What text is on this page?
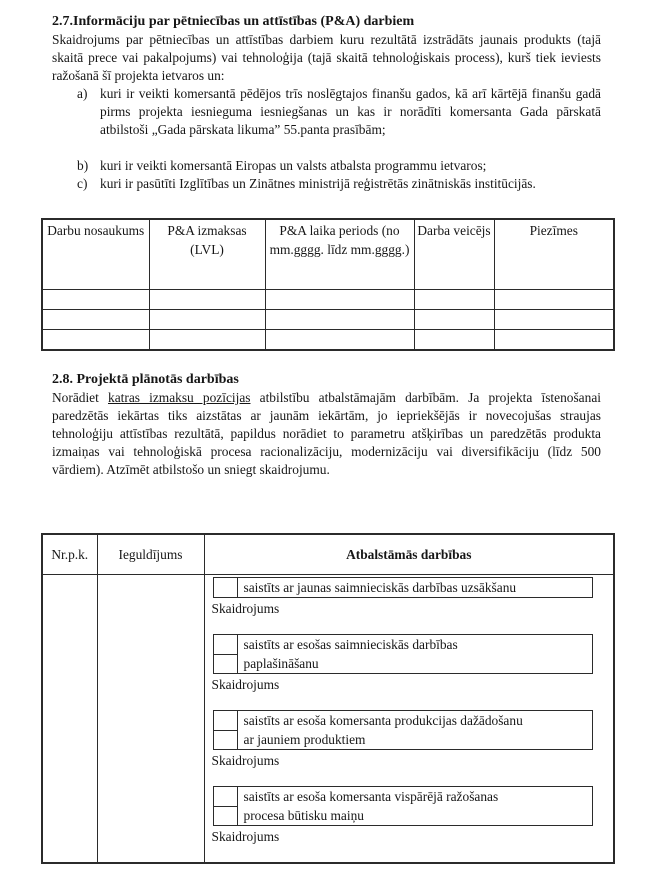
2.7.Informāciju par pētniecības un attīstības (P&A) darbiem
Skaidrojums par pētniecības un attīstības darbiem kuru rezultātā izstrādāts jaunais produkts (tajā skaitā prece vai pakalpojums) vai tehnoloģija (tajā skaitā tehnoloģiskais process), kurš tiek ieviests ražošanā šī projekta ietvaros un:
a) kuri ir veikti komersantā pēdējos trīs noslēgtajos finanšu gados, kā arī kārtējā finanšu gadā pirms projekta iesnieguma iesniegšanas un kas ir norādīti komersanta Gada pārskatā atbilstoši „Gada pārskata likuma” 55.panta prasībām;
b) kuri ir veikti komersantā Eiropas un valsts atbalsta programmu ietvaros;
c) kuri ir pasūtīti Izglītības un Zinātnes ministrijā reģistrētās zinātniskās institūcijās.
Darbu nosaukums	P&A izmaksas (LVL)	P&A laika periods (no mm.gggg. līdz mm.gggg.)	Darba veicējs	Piezīmes

2.8. Projektā plānotās darbības
Norādiet katras izmaksu pozīcijas atbilstību atbalstāmajām darbībām. Ja projekta īstenošanai paredzētās iekārtas tiks aizstātas ar jaunām iekārtām, jo iepriekšējās ir novecojušas straujas tehnoloģiju attīstības rezultātā, papildus norādiet to parametru atšķirības un paredzētās produkta izmaiņas vai tehnoloģiskā procesa racionalizāciju, modernizāciju vai diversifikāciju (līdz 500 vārdiem). Atzīmēt atbilstošo un sniegt skaidrojumu.
Nr.p.k.	Ieguldījums	Atbalstāmās darbības

saistīts ar jaunas saimnieciskās darbības uzsākšanu
Skaidrojums
saistīts ar esošas saimnieciskās darbības
paplašināšanu
Skaidrojums
saistīts ar esoša komersanta produkcijas dažādošanu
ar jauniem produktiem
Skaidrojums
saistīts ar esoša komersanta vispārējā ražošanas
procesa būtisku maiņu
Skaidrojums
